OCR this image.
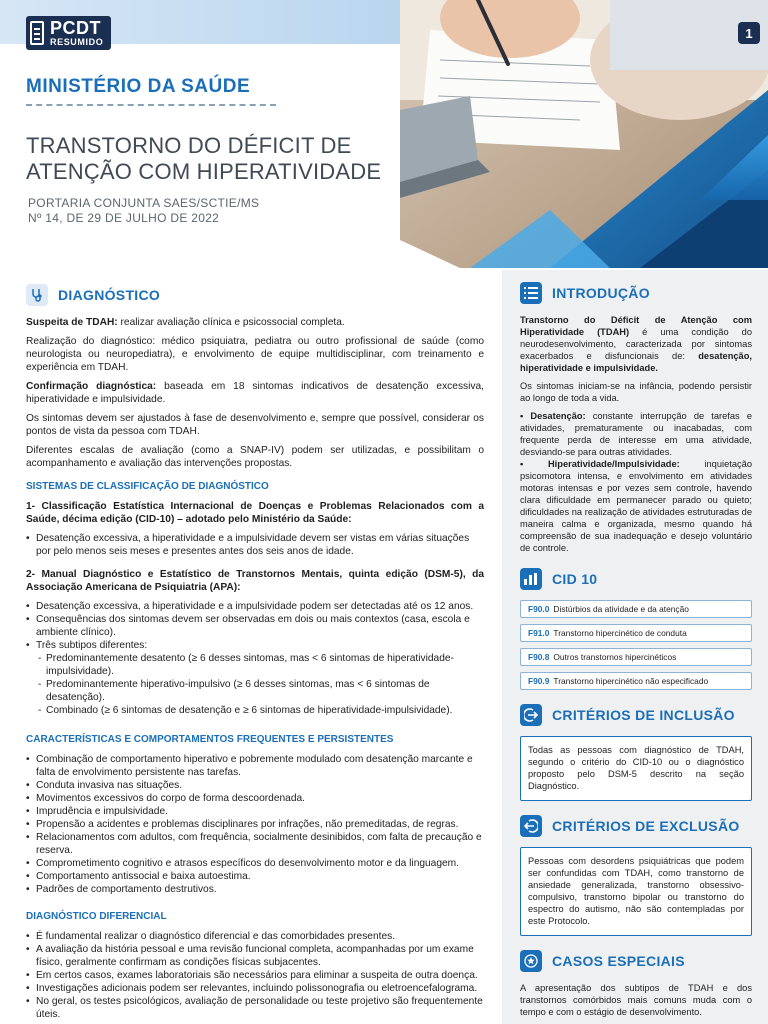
PCDT
RESUMIDO
MINISTÉRIO DA SAÚDE
TRANSTORNO DO DÉFICIT DE
ATENÇÃO COM HIPERATIVIDADE
PORTARIA CONJUNTA SAES/SCTIE/MS
Nº 14, DE 29 DE JULHO DE 2022
1
DIAGNÓSTICO

Suspeita de TDAH: realizar avaliação clínica e psicossocial completa.

Realização do diagnóstico: médico psiquiatra, pediatra ou outro profissional de saúde (como neurologista ou neuropediatra), e envolvimento de equipe multidisciplinar, com treinamento e experiência em TDAH.

Confirmação diagnóstica: baseada em 18 sintomas indicativos de desatenção excessiva, hiperatividade e impulsividade.

Os sintomas devem ser ajustados à fase de desenvolvimento e, sempre que possível, considerar os pontos de vista da pessoa com TDAH.

Diferentes escalas de avaliação (como a SNAP-IV) podem ser utilizadas, e possibilitam o acompanhamento e avaliação das intervenções propostas.

SISTEMAS DE CLASSIFICAÇÃO DE DIAGNÓSTICO

1- Classificação Estatística Internacional de Doenças e Problemas Relacionados com a Saúde, décima edição (CID-10) – adotado pelo Ministério da Saúde:

• Desatenção excessiva, a hiperatividade e a impulsividade devem ser vistas em várias situações por pelo menos seis meses e presentes antes dos seis anos de idade.

2- Manual Diagnóstico e Estatístico de Transtornos Mentais, quinta edição (DSM-5), da Associação Americana de Psiquiatria (APA):

• Desatenção excessiva, a hiperatividade e a impulsividade podem ser detectadas até os 12 anos.
• Consequências dos sintomas devem ser observadas em dois ou mais contextos (casa, escola e ambiente clínico).
• Três subtipos diferentes:
- Predominantemente desatento (≥ 6 desses sintomas, mas < 6 sintomas de hiperatividade-impulsividade).
- Predominantemente hiperativo-impulsivo (≥ 6 desses sintomas, mas < 6 sintomas de desatenção).
- Combinado (≥ 6 sintomas de desatenção e ≥ 6 sintomas de hiperatividade-impulsividade).
CARACTERÍSTICAS E COMPORTAMENTOS FREQUENTES E PERSISTENTES
• Combinação de comportamento hiperativo e pobremente modulado com desatenção marcante e falta de envolvimento persistente nas tarefas.
• Conduta invasiva nas situações.
• Movimentos excessivos do corpo de forma descoordenada.
• Imprudência e impulsividade.
• Propensão a acidentes e problemas disciplinares por infrações, não premeditadas, de regras.
• Relacionamentos com adultos, com frequência, socialmente desinibidos, com falta de precaução e reserva.
• Comprometimento cognitivo e atrasos específicos do desenvolvimento motor e da linguagem.
• Comportamento antissocial e baixa autoestima.
• Padrões de comportamento destrutivos.
DIAGNÓSTICO DIFERENCIAL
• É fundamental realizar o diagnóstico diferencial e das comorbidades presentes.
• A avaliação da história pessoal e uma revisão funcional completa, acompanhadas por um exame físico, geralmente confirmam as condições físicas subjacentes.
• Em certos casos, exames laboratoriais são necessários para eliminar a suspeita de outra doença.
• Investigações adicionais podem ser relevantes, incluindo polissonografia ou eletroencefalograma.
• No geral, os testes psicológicos, avaliação de personalidade ou teste projetivo são frequentemente úteis.
INTRODUÇÃO

Transtorno do Déficit de Atenção com Hiperatividade (TDAH) é uma condição do neurodesenvolvimento, caracterizada por sintomas exacerbados e disfuncionais de: desatenção, hiperatividade e impulsividade.

Os sintomas iniciam-se na infância, podendo persistir ao longo de toda a vida.

• Desatenção: constante interrupção de tarefas e atividades, prematuramente ou inacabadas, com frequente perda de interesse em uma atividade, desviando-se para outras atividades.

• Hiperatividade/Impulsividade: inquietação psicomotora intensa, e envolvimento em atividades motoras intensas e por vezes sem controle, havendo clara dificuldade em permanecer parado ou quieto; dificuldades na realização de atividades estruturadas de maneira calma e organizada, mesmo quando há compreensão de sua inadequação e desejo voluntário de controle.

CID 10
F90.0 Distúrbios da atividade e da atenção
F91.0 Transtorno hipercinético de conduta
F90.8 Outros transtornos hipercinéticos
F90.9 Transtorno hipercinético não especificado
CRITÉRIOS DE INCLUSÃO
Todas as pessoas com diagnóstico de TDAH, segundo o critério do CID-10 ou o diagnóstico proposto pelo DSM-5 descrito na seção Diagnóstico.
CRITÉRIOS DE EXCLUSÃO
Pessoas com desordens psiquiátricas que podem ser confundidas com TDAH, como transtorno de ansiedade generalizada, transtorno obsessivo-compulsivo, transtorno bipolar ou transtorno do espectro do autismo, não são contempladas por este Protocolo.
CASOS ESPECIAIS

A apresentação dos subtipos de TDAH e dos transtornos comórbidos mais comuns muda com o tempo e com o estágio de desenvolvimento.
